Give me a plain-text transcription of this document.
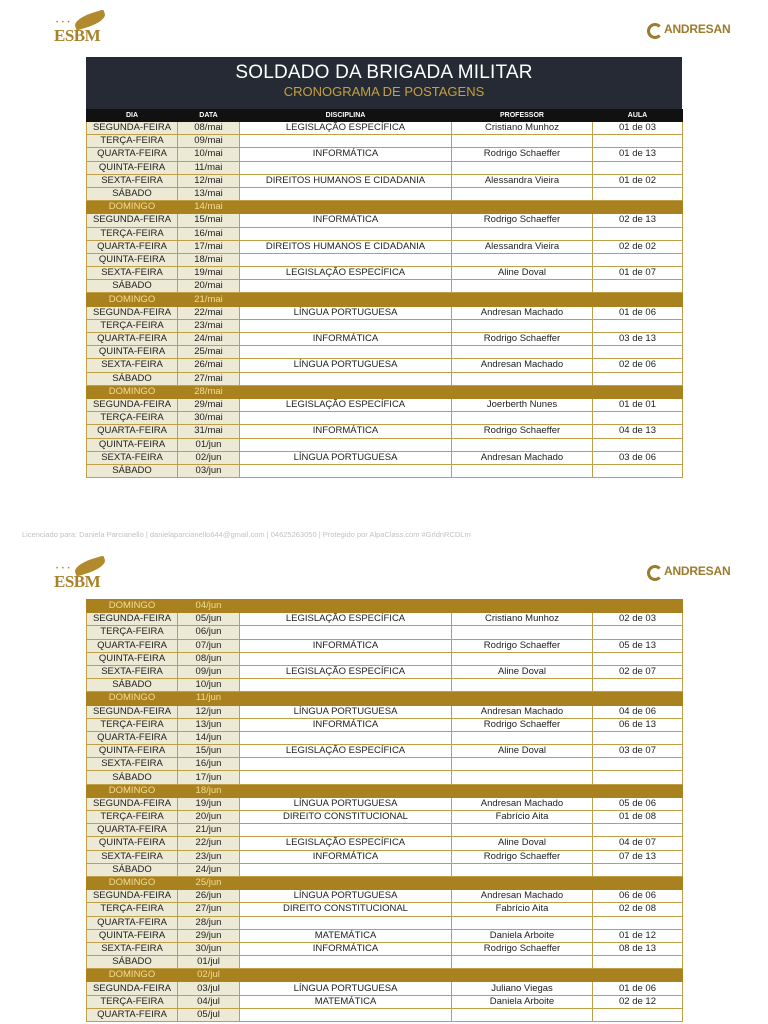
• • •
ESBM	ANDRESAN
SOLDADO DA BRIGADA MILITAR
CRONOGRAMA DE POSTAGENS
DIA	DATA	DISCIPLINA	PROFESSOR	AULA
SEGUNDA-FEIRA	08/mai	LEGISLAÇÃO ESPECÍFICA	Cristiano Munhoz	01 de 03
TERÇA-FEIRA	09/mai			
QUARTA-FEIRA	10/mai	INFORMÁTICA	Rodrigo Schaeffer	01 de 13
QUINTA-FEIRA	11/mai			
SEXTA-FEIRA	12/mai	DIREITOS HUMANOS E CIDADANIA	Alessandra Vieira	01 de 02
SÁBADO	13/mai			
DOMINGO	14/mai			
SEGUNDA-FEIRA	15/mai	INFORMÁTICA	Rodrigo Schaeffer	02 de 13
TERÇA-FEIRA	16/mai			
QUARTA-FEIRA	17/mai	DIREITOS HUMANOS E CIDADANIA	Alessandra Vieira	02 de 02
QUINTA-FEIRA	18/mai			
SEXTA-FEIRA	19/mai	LEGISLAÇÃO ESPECÍFICA	Aline Doval	01 de 07
SÁBADO	20/mai			
DOMINGO	21/mai			
SEGUNDA-FEIRA	22/mai	LÍNGUA PORTUGUESA	Andresan Machado	01 de 06
TERÇA-FEIRA	23/mai			
QUARTA-FEIRA	24/mai	INFORMÁTICA	Rodrigo Schaeffer	03 de 13
QUINTA-FEIRA	25/mai			
SEXTA-FEIRA	26/mai	LÍNGUA PORTUGUESA	Andresan Machado	02 de 06
SÁBADO	27/mai			
DOMINGO	28/mai			
SEGUNDA-FEIRA	29/mai	LEGISLAÇÃO ESPECÍFICA	Joerberth Nunes	01 de 01
TERÇA-FEIRA	30/mai			
QUARTA-FEIRA	31/mai	INFORMÁTICA	Rodrigo Schaeffer	04 de 13
QUINTA-FEIRA	01/jun			
SEXTA-FEIRA	02/jun	LÍNGUA PORTUGUESA	Andresan Machado	03 de 06
SÁBADO	03/jun			
Licenciado para: Daniela Parcianello | danielaparcianello644@gmail.com | 04625263050 | Protegido por AlpaClass.com #GrldnRCDLm
• • •
ESBM
ANDRESAN
DOMINGO	04/jun			
SEGUNDA-FEIRA	05/jun	LEGISLAÇÃO ESPECÍFICA	Cristiano Munhoz	02 de 03
TERÇA-FEIRA	06/jun			
QUARTA-FEIRA	07/jun	INFORMÁTICA	Rodrigo Schaeffer	05 de 13
QUINTA-FEIRA	08/jun			
SEXTA-FEIRA	09/jun	LEGISLAÇÃO ESPECÍFICA	Aline Doval	02 de 07
SÁBADO	10/jun			
DOMINGO	11/jun			
SEGUNDA-FEIRA	12/jun	LÍNGUA PORTUGUESA	Andresan Machado	04 de 06
TERÇA-FEIRA	13/jun	INFORMÁTICA	Rodrigo Schaeffer	06 de 13
QUARTA-FEIRA	14/jun			
QUINTA-FEIRA	15/jun	LEGISLAÇÃO ESPECÍFICA	Aline Doval	03 de 07
SEXTA-FEIRA	16/jun			
SÁBADO	17/jun			
DOMINGO	18/jun			
SEGUNDA-FEIRA	19/jun	LÍNGUA PORTUGUESA	Andresan Machado	05 de 06
TERÇA-FEIRA	20/jun	DIREITO CONSTITUCIONAL	Fabrício Aita	01 de 08
QUARTA-FEIRA	21/jun			
QUINTA-FEIRA	22/jun	LEGISLAÇÃO ESPECÍFICA	Aline Doval	04 de 07
SEXTA-FEIRA	23/jun	INFORMÁTICA	Rodrigo Schaeffer	07 de 13
SÁBADO	24/jun			
DOMINGO	25/jun			
SEGUNDA-FEIRA	26/jun	LÍNGUA PORTUGUESA	Andresan Machado	06 de 06
TERÇA-FEIRA	27/jun	DIREITO CONSTITUCIONAL	Fabrício Aita	02 de 08
QUARTA-FEIRA	28/jun			
QUINTA-FEIRA	29/jun	MATEMÁTICA	Daniela Arboite	01 de 12
SEXTA-FEIRA	30/jun	INFORMÁTICA	Rodrigo Schaeffer	08 de 13
SÁBADO	01/jul			
DOMINGO	02/jul			
SEGUNDA-FEIRA	03/jul	LÍNGUA PORTUGUESA	Juliano Viegas	01 de 06
TERÇA-FEIRA	04/jul	MATEMÁTICA	Daniela Arboite	02 de 12
QUARTA-FEIRA	05/jul			
